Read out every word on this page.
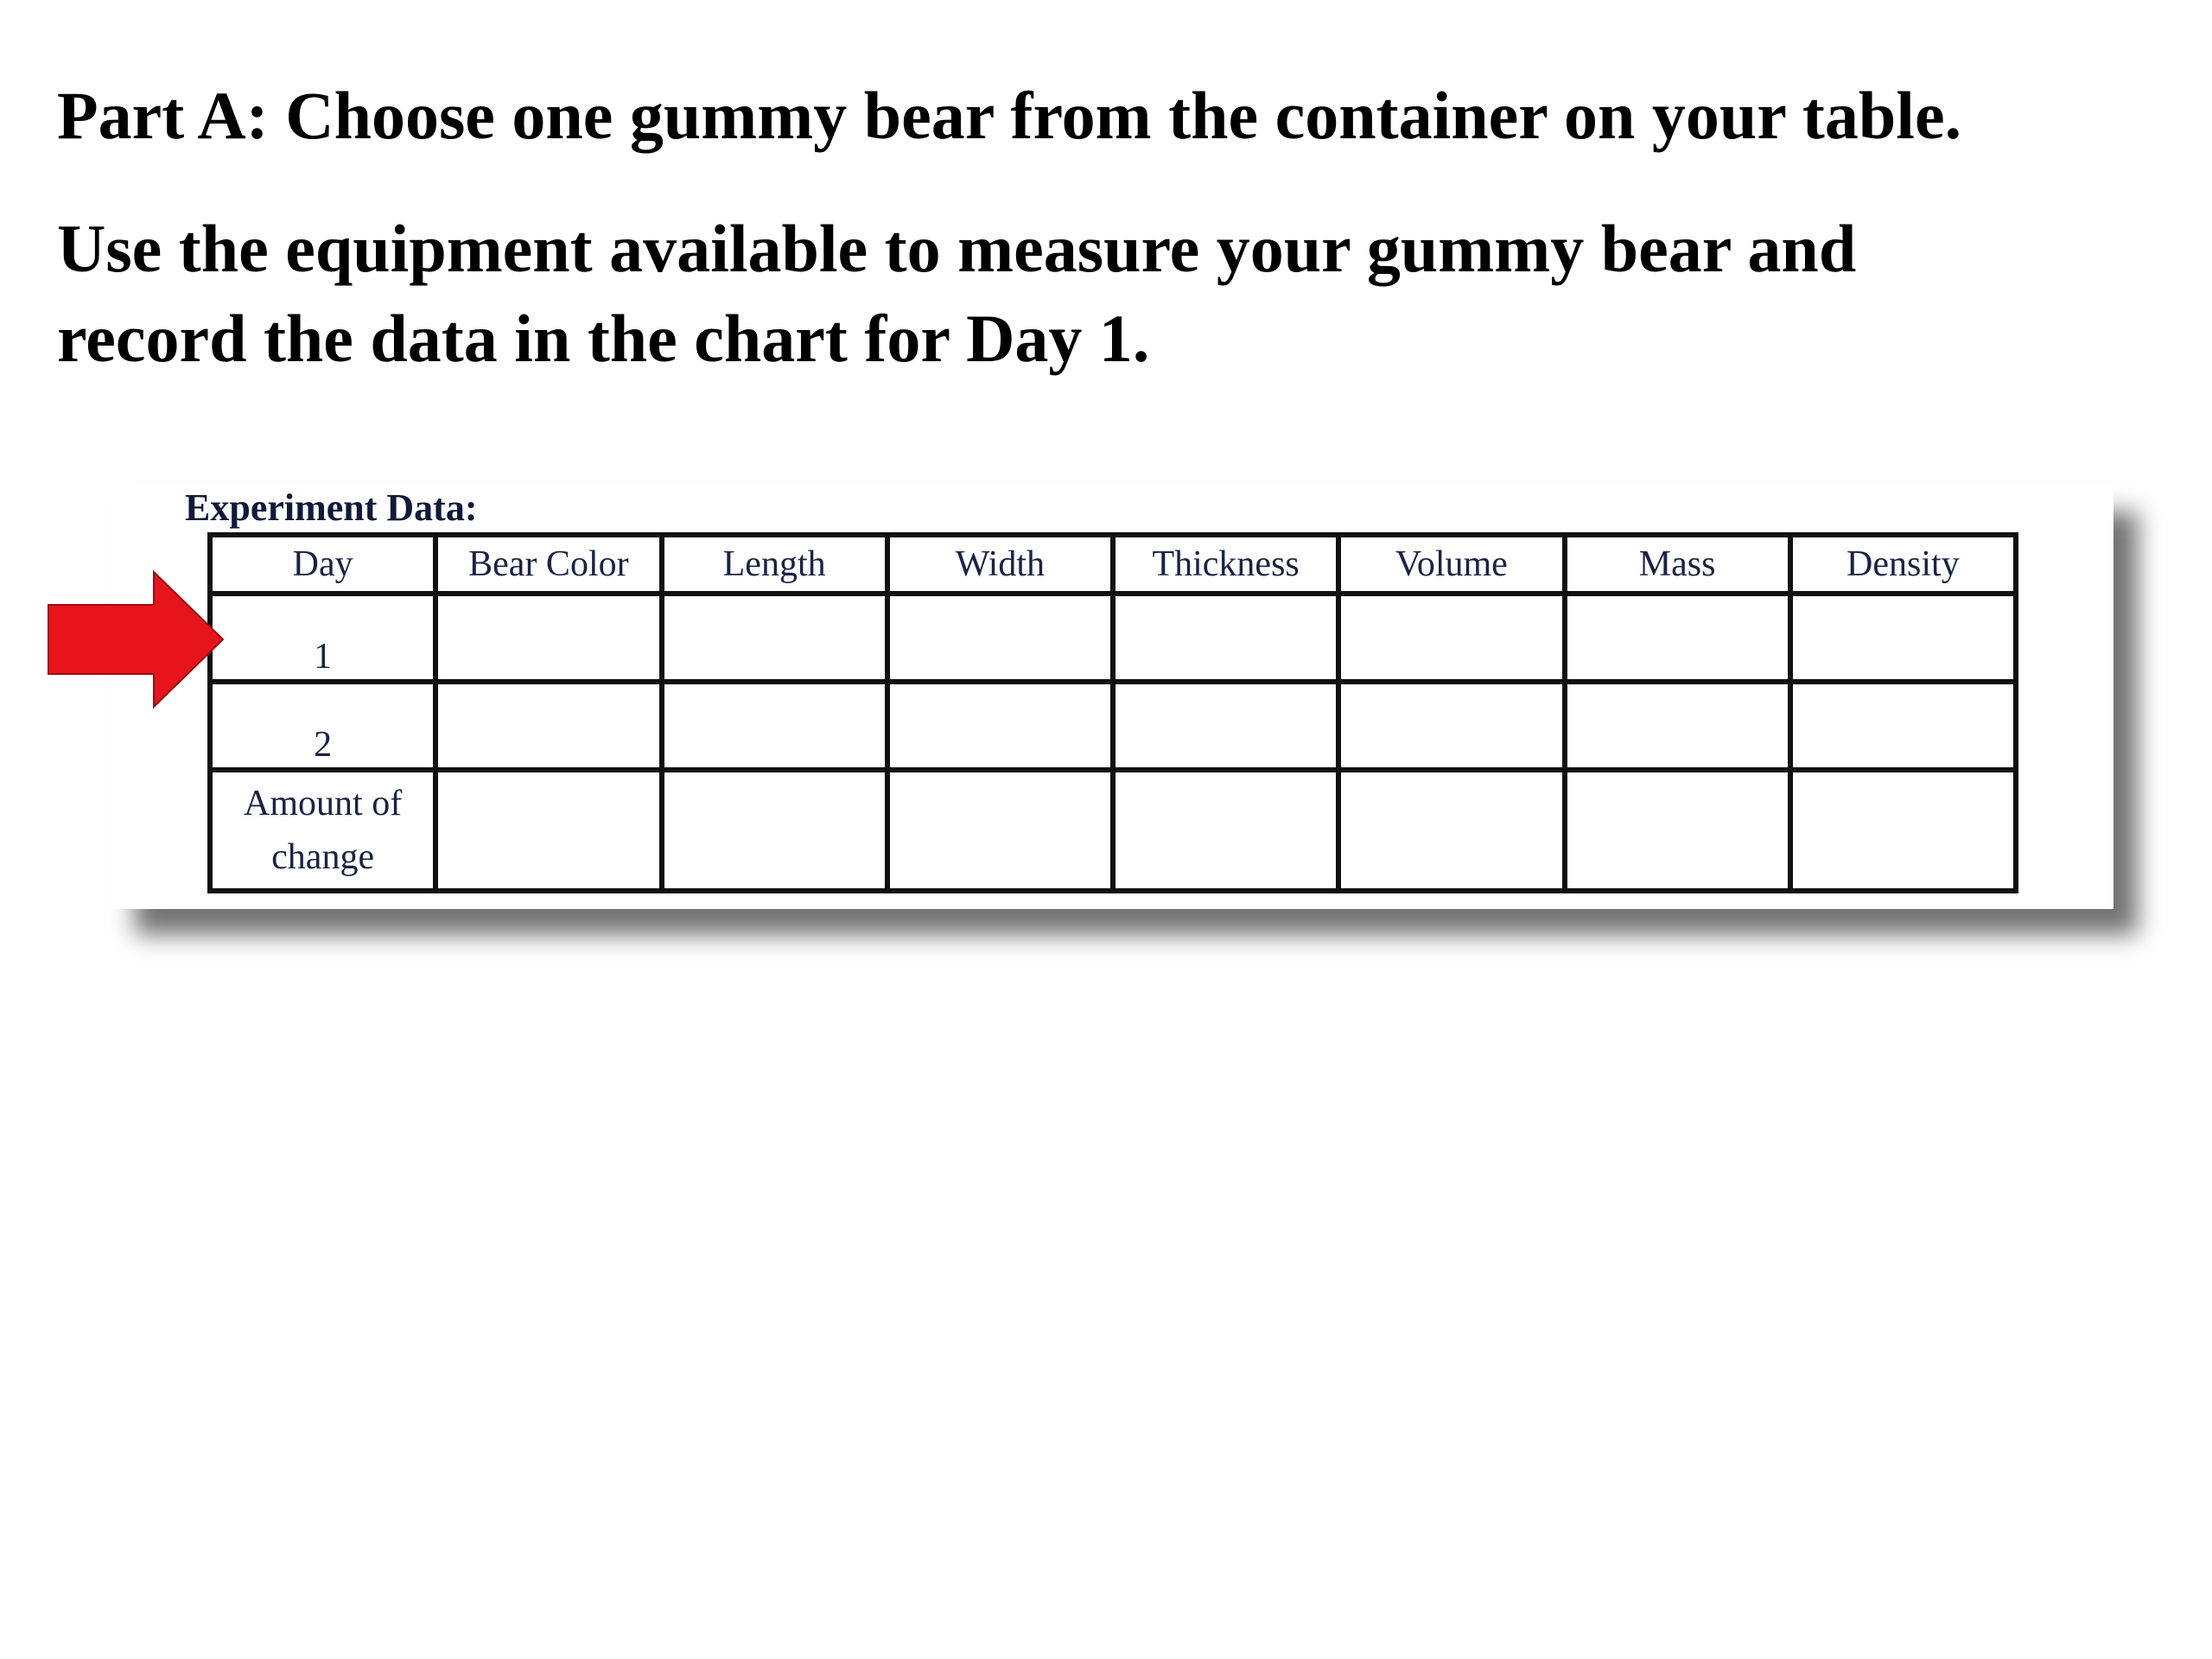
Part A: Choose one gummy bear from the container on your table.

Use the equipment available to measure your gummy bear and

record the data in the chart for Day 1.

Experiment Data:
Day	Bear Color	Length	Width	Thickness	Volume	Mass	Density
1							
2							
Amount of change							
